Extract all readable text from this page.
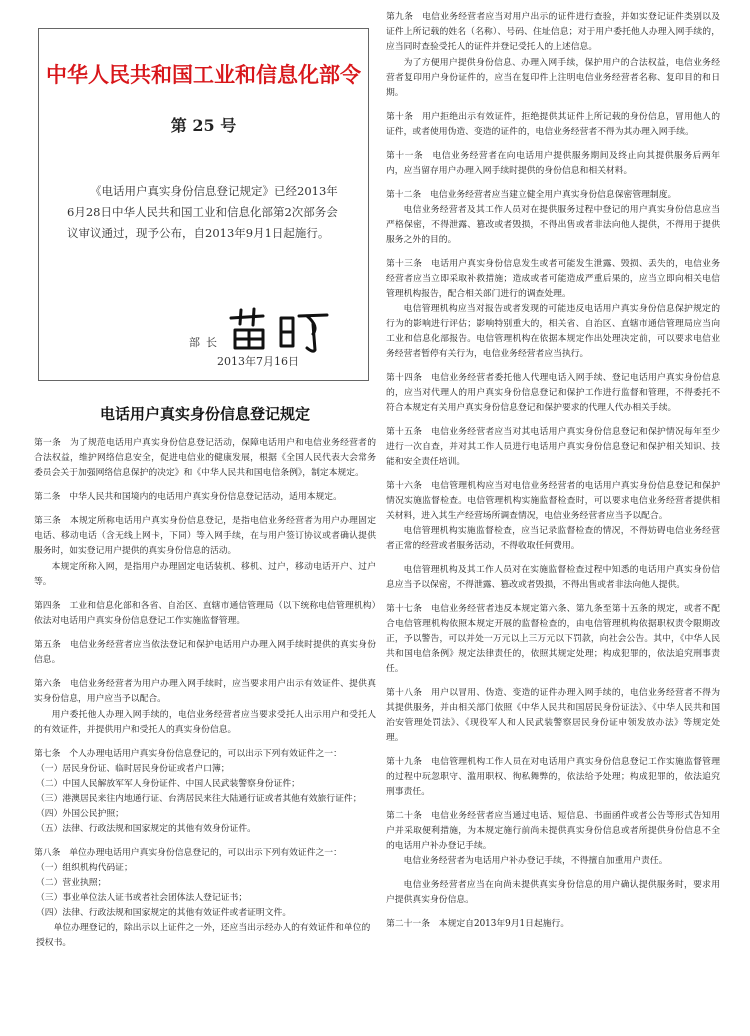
中华人民共和国工业和信息化部令
第 25 号
《电话用户真实身份信息登记规定》已经2013年6月28日中华人民共和国工业和信息化部第2次部务会议审议通过，现予公布，自2013年9月1日起施行。
部长
2013年7月16日
电话用户真实身份信息登记规定

第一条　为了规范电话用户真实身份信息登记活动，保障电话用户和电信业务经营者的合法权益，维护网络信息安全，促进电信业的健康发展，根据《全国人民代表大会常务委员会关于加强网络信息保护的决定》和《中华人民共和国电信条例》，制定本规定。

第二条　中华人民共和国境内的电话用户真实身份信息登记活动，适用本规定。

第三条　本规定所称电话用户真实身份信息登记，是指电信业务经营者为用户办理固定电话、移动电话（含无线上网卡，下同）等入网手续，在与用户签订协议或者确认提供服务时，如实登记用户提供的真实身份信息的活动。

本规定所称入网，是指用户办理固定电话装机、移机、过户，移动电话开户、过户等。

第四条　工业和信息化部和各省、自治区、直辖市通信管理局（以下统称电信管理机构）依法对电话用户真实身份信息登记工作实施监督管理。

第五条　电信业务经营者应当依法登记和保护电话用户办理入网手续时提供的真实身份信息。

第六条　电信业务经营者为用户办理入网手续时，应当要求用户出示有效证件、提供真实身份信息，用户应当予以配合。

用户委托他人办理入网手续的，电信业务经营者应当要求受托人出示用户和受托人的有效证件，并提供用户和受托人的真实身份信息。

第七条　个人办理电话用户真实身份信息登记的，可以出示下列有效证件之一：

（一）居民身份证、临时居民身份证或者户口簿；

（二）中国人民解放军军人身份证件、中国人民武装警察身份证件；

（三）港澳居民来往内地通行证、台湾居民来往大陆通行证或者其他有效旅行证件；

（四）外国公民护照；

（五）法律、行政法规和国家规定的其他有效身份证件。

第八条　单位办理电话用户真实身份信息登记的，可以出示下列有效证件之一：

（一）组织机构代码证；

（二）营业执照；

（三）事业单位法人证书或者社会团体法人登记证书；

（四）法律、行政法规和国家规定的其他有效证件或者证明文件。

　　单位办理登记的，除出示以上证件之一外，还应当出示经办人的有效证件和单位的授权书。

第九条　电信业务经营者应当对用户出示的证件进行查验，并如实登记证件类别以及证件上所记载的姓名（名称）、号码、住址信息；对于用户委托他人办理入网手续的，应当同时查验受托人的证件并登记受托人的上述信息。

为了方便用户提供身份信息、办理入网手续，保护用户的合法权益，电信业务经营者复印用户身份证件的，应当在复印件上注明电信业务经营者名称、复印目的和日期。

第十条　用户拒绝出示有效证件，拒绝提供其证件上所记载的身份信息，冒用他人的证件，或者使用伪造、变造的证件的，电信业务经营者不得为其办理入网手续。

第十一条　电信业务经营者在向电话用户提供服务期间及终止向其提供服务后两年内，应当留存用户办理入网手续时提供的身份信息和相关材料。

第十二条　电信业务经营者应当建立健全用户真实身份信息保密管理制度。

电信业务经营者及其工作人员对在提供服务过程中登记的用户真实身份信息应当严格保密，不得泄露、篡改或者毁损，不得出售或者非法向他人提供，不得用于提供服务之外的目的。

第十三条　电话用户真实身份信息发生或者可能发生泄露、毁损、丢失的，电信业务经营者应当立即采取补救措施；造成或者可能造成严重后果的，应当立即向相关电信管理机构报告，配合相关部门进行的调查处理。

电信管理机构应当对报告或者发现的可能违反电话用户真实身份信息保护规定的行为的影响进行评估；影响特别重大的，相关省、自治区、直辖市通信管理局应当向工业和信息化部报告。电信管理机构在依据本规定作出处理决定前，可以要求电信业务经营者暂停有关行为，电信业务经营者应当执行。

第十四条　电信业务经营者委托他人代理电话入网手续、登记电话用户真实身份信息的，应当对代理人的用户真实身份信息登记和保护工作进行监督和管理，不得委托不符合本规定有关用户真实身份信息登记和保护要求的代理人代办相关手续。

第十五条　电信业务经营者应当对其电话用户真实身份信息登记和保护情况每年至少进行一次自查，并对其工作人员进行电话用户真实身份信息登记和保护相关知识、技能和安全责任培训。

第十六条　电信管理机构应当对电信业务经营者的电话用户真实身份信息登记和保护情况实施监督检查。电信管理机构实施监督检查时，可以要求电信业务经营者提供相关材料，进入其生产经营场所调查情况，电信业务经营者应当予以配合。

电信管理机构实施监督检查，应当记录监督检查的情况，不得妨碍电信业务经营者正常的经营或者服务活动，不得收取任何费用。

电信管理机构及其工作人员对在实施监督检查过程中知悉的电话用户真实身份信息应当予以保密，不得泄露、篡改或者毁损，不得出售或者非法向他人提供。

第十七条　电信业务经营者违反本规定第六条、第九条至第十五条的规定，或者不配合电信管理机构依照本规定开展的监督检查的，由电信管理机构依据职权责令限期改正，予以警告，可以并处一万元以上三万元以下罚款，向社会公告。其中，《中华人民共和国电信条例》规定法律责任的，依照其规定处理；构成犯罪的，依法追究刑事责任。

第十八条　用户以冒用、伪造、变造的证件办理入网手续的，电信业务经营者不得为其提供服务，并由相关部门依照《中华人民共和国居民身份证法》、《中华人民共和国治安管理处罚法》、《现役军人和人民武装警察居民身份证申领发放办法》等规定处理。

第十九条　电信管理机构工作人员在对电话用户真实身份信息登记工作实施监督管理的过程中玩忽职守、滥用职权、徇私舞弊的，依法给予处理；构成犯罪的，依法追究刑事责任。

第二十条　电信业务经营者应当通过电话、短信息、书面函件或者公告等形式告知用户并采取便利措施，为本规定施行前尚未提供真实身份信息或者所提供身份信息不全的电话用户补办登记手续。

电信业务经营者为电话用户补办登记手续，不得擅自加重用户责任。

电信业务经营者应当在向尚未提供真实身份信息的用户确认提供服务时，要求用户提供真实身份信息。

第二十一条　本规定自2013年9月1日起施行。
